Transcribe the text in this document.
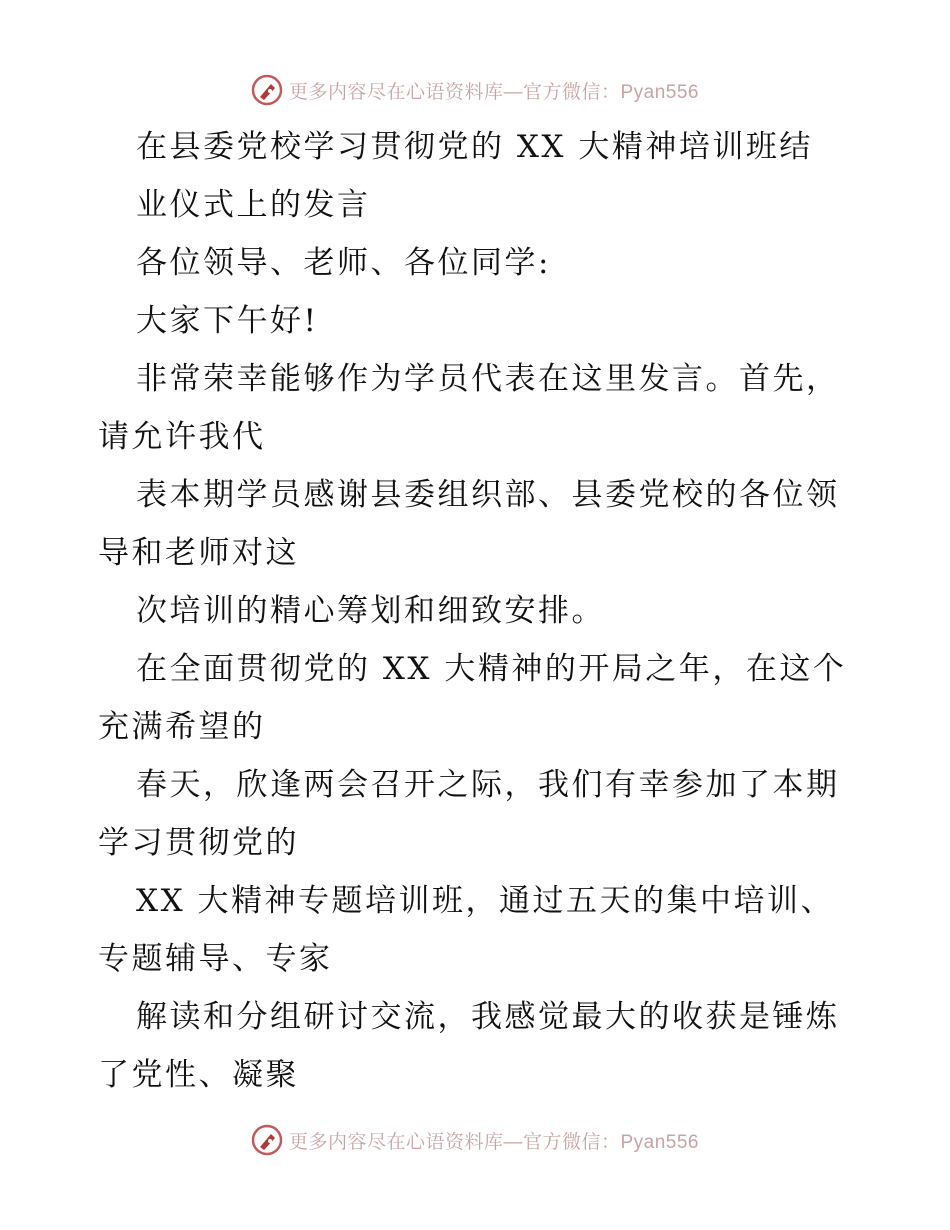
更多内容尽在心语资料库—官方微信：Pyan556
在县委党校学习贯彻党的 XX 大精神培训班结
业仪式上的发言
各位领导、老师、各位同学:
大家下午好!
非常荣幸能够作为学员代表在这里发言。首先，
请允许我代
表本期学员感谢县委组织部、县委党校的各位领
导和老师对这
次培训的精心筹划和细致安排。
在全面贯彻党的 XX 大精神的开局之年，在这个
充满希望的
春天，欣逢两会召开之际，我们有幸参加了本期
学习贯彻党的
XX 大精神专题培训班，通过五天的集中培训、
专题辅导、专家
解读和分组研讨交流，我感觉最大的收获是锤炼
了党性、凝聚
更多内容尽在心语资料库—官方微信：Pyan556
